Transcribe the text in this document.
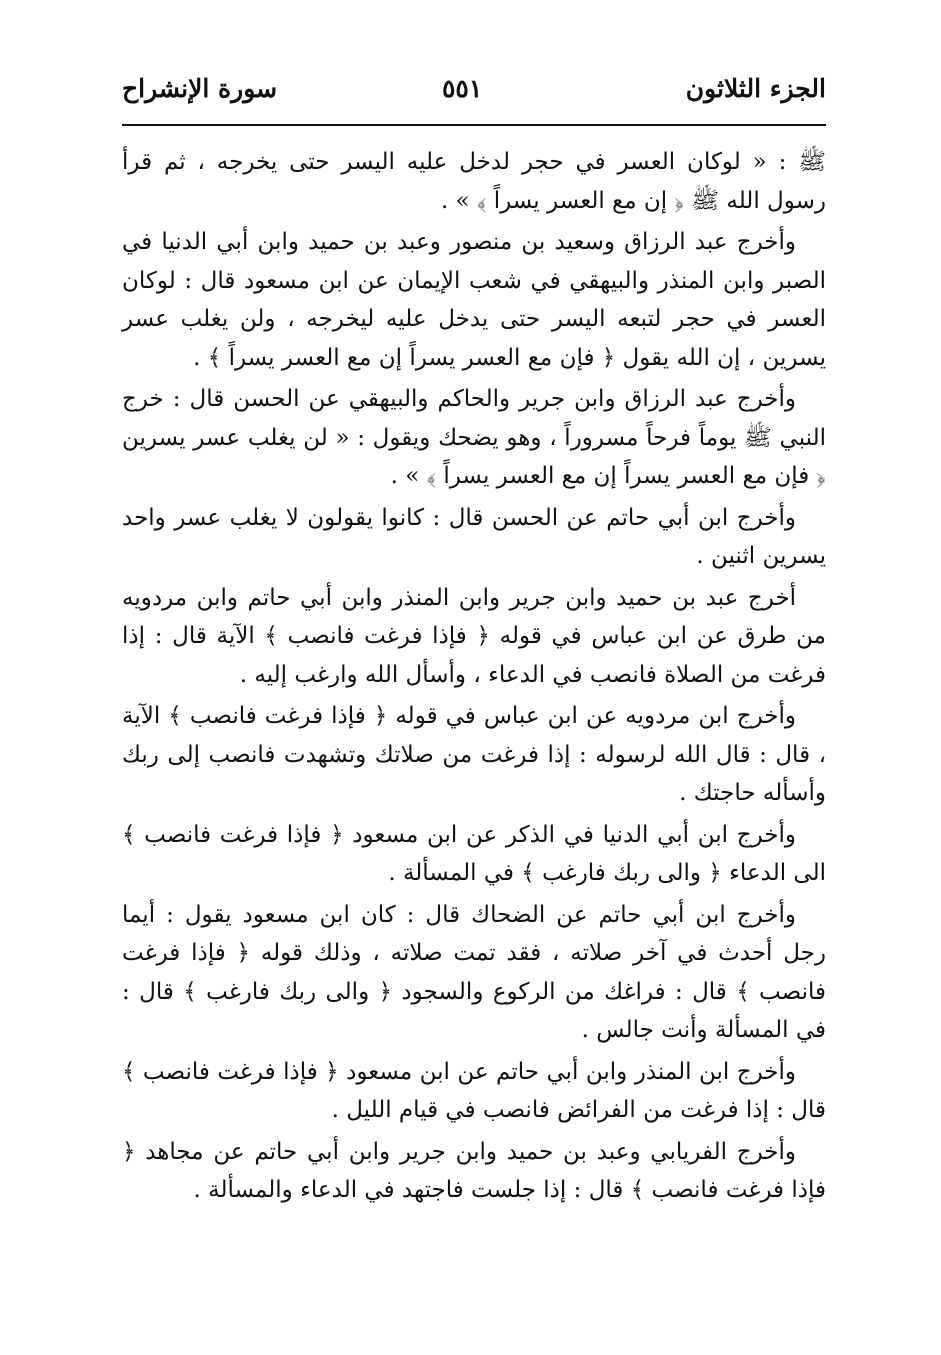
الجزء الثلاثون
٥٥١
سورة الإنشراح

ﷺ : « لوكان العسر في حجر لدخل عليه اليسر حتى يخرجه ، ثم قرأ رسول الله ﷺ ﴿ إن مع العسر يسراً ﴾ » .

وأخرج عبد الرزاق وسعيد بن منصور وعبد بن حميد وابن أبي الدنيا في الصبر وابن المنذر والبيهقي في شعب الإيمان عن ابن مسعود قال : لوكان العسر في حجر لتبعه اليسر حتى يدخل عليه ليخرجه ، ولن يغلب عسر يسرين ، إن الله يقول ﴿ فإن مع العسر يسراً إن مع العسر يسراً ﴾ .

وأخرج عبد الرزاق وابن جرير والحاكم والبيهقي عن الحسن قال : خرج النبي ﷺ يوماً فرحاً مسروراً ، وهو يضحك ويقول : « لن يغلب عسر يسرين ﴿ فإن مع العسر يسراً إن مع العسر يسراً ﴾ » .

وأخرج ابن أبي حاتم عن الحسن قال : كانوا يقولون لا يغلب عسر واحد يسرين اثنين .

أخرج عبد بن حميد وابن جرير وابن المنذر وابن أبي حاتم وابن مردويه من طرق عن ابن عباس في قوله ﴿ فإذا فرغت فانصب ﴾ الآية قال : إذا فرغت من الصلاة فانصب في الدعاء ، وأسأل الله وارغب إليه .

وأخرج ابن مردويه عن ابن عباس في قوله ﴿ فإذا فرغت فانصب ﴾ الآية ، قال : قال الله لرسوله : إذا فرغت من صلاتك وتشهدت فانصب إلى ربك وأسأله حاجتك .

وأخرج ابن أبي الدنيا في الذكر عن ابن مسعود ﴿ فإذا فرغت فانصب ﴾ الى الدعاء ﴿ والى ربك فارغب ﴾ في المسألة .

وأخرج ابن أبي حاتم عن الضحاك قال : كان ابن مسعود يقول : أيما رجل أحدث في آخر صلاته ، فقد تمت صلاته ، وذلك قوله ﴿ فإذا فرغت فانصب ﴾ قال : فراغك من الركوع والسجود ﴿ والى ربك فارغب ﴾ قال : في المسألة وأنت جالس .

وأخرج ابن المنذر وابن أبي حاتم عن ابن مسعود ﴿ فإذا فرغت فانصب ﴾ قال : إذا فرغت من الفرائض فانصب في قيام الليل .

وأخرج الفريابي وعبد بن حميد وابن جرير وابن أبي حاتم عن مجاهد ﴿ فإذا فرغت فانصب ﴾ قال : إذا جلست فاجتهد في الدعاء والمسألة .
